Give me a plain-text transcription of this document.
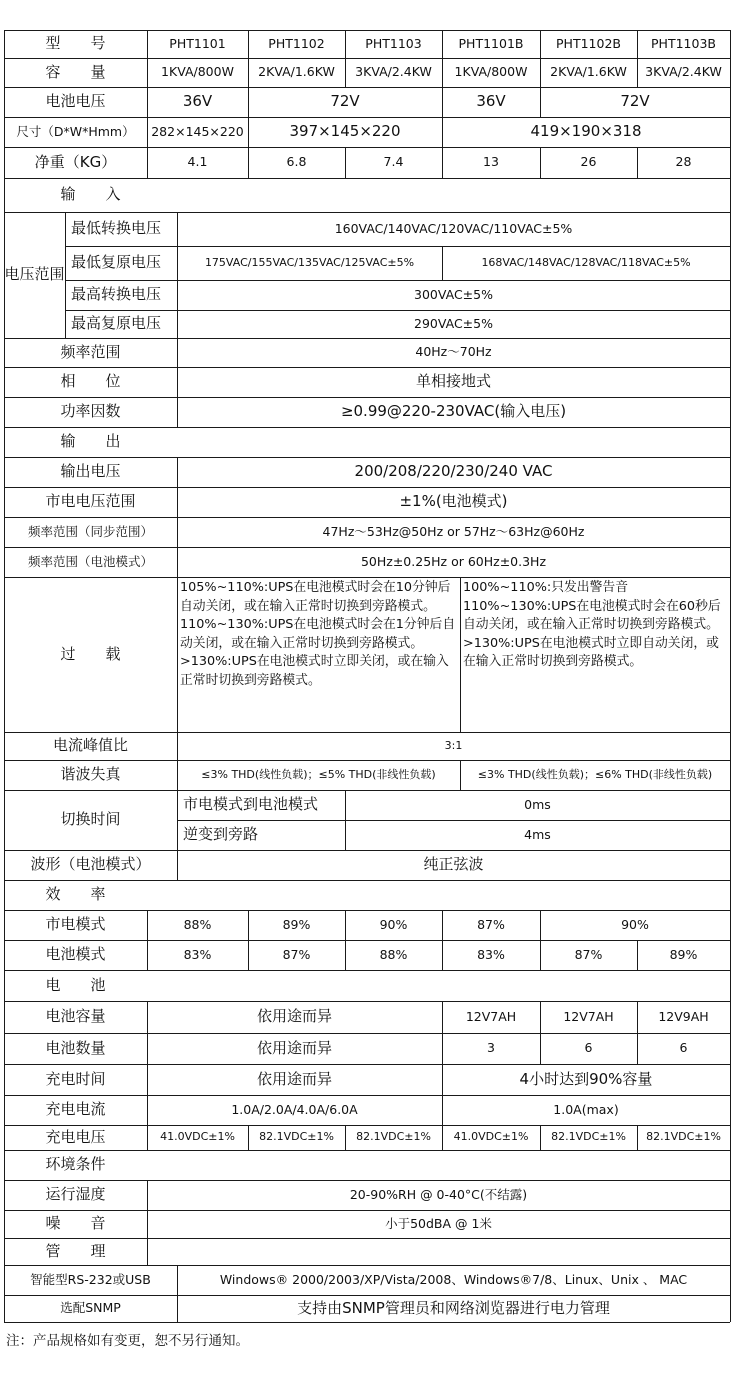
型　　号	PHT1101	PHT1102	PHT1103	PHT1101B	PHT1102B	PHT1103B
容　　量	1KVA/800W	2KVA/1.6KW	3KVA/2.4KW	1KVA/800W	2KVA/1.6KW	3KVA/2.4KW
电池电压	36V	72V	36V	72V
尺寸（D*W*Hmm）	282×145×220	397×145×220	419×190×318
净重（KG）	4.1	6.8	7.4	13	26	28
输　　入
电压范围
最低转换电压	160VAC/140VAC/120VAC/110VAC±5%
最低复原电压	175VAC/155VAC/135VAC/125VAC±5%	168VAC/148VAC/128VAC/118VAC±5%
最高转换电压	300VAC±5%
最高复原电压	290VAC±5%
频率范围	40Hz～70Hz
相　　位	单相接地式
功率因数	≥0.99@220-230VAC(输入电压)
输　　出
输出电压	200/208/220/230/240 VAC
市电电压范围	±1%(电池模式)
频率范围（同步范围）	47Hz～53Hz@50Hz or 57Hz～63Hz@60Hz
频率范围（电池模式）	50Hz±0.25Hz or 60Hz±0.3Hz
过　　载
105%~110%:UPS在电池模式时会在10分钟后自动关闭，或在输入正常时切换到旁路模式。110%~130%:UPS在电池模式时会在1分钟后自动关闭，或在输入正常时切换到旁路模式。>130%:UPS在电池模式时立即关闭，或在输入正常时切换到旁路模式。
100%~110%:只发出警告音 110%~130%:UPS在电池模式时会在60秒后自动关闭，或在输入正常时切换到旁路模式。>130%:UPS在电池模式时立即自动关闭，或在输入正常时切换到旁路模式。
电流峰值比	3:1
谐波失真	≤3% THD(线性负载)；≤5% THD(非线性负载)	≤3% THD(线性负载)；≤6% THD(非线性负载)
切换时间
市电模式到电池模式	0ms
逆变到旁路	4ms
波形（电池模式）	纯正弦波
效　　率
市电模式	88%	89%	90%	87%	90%
电池模式	83%	87%	88%	83%	87%	89%
电　　池
电池容量	依用途而异	12V7AH	12V7AH	12V9AH
电池数量	依用途而异	3	6	6
充电时间	依用途而异	4小时达到90%容量
充电电流	1.0A/2.0A/4.0A/6.0A	1.0A(max)
充电电压	41.0VDC±1%	82.1VDC±1%	82.1VDC±1%	41.0VDC±1%	82.1VDC±1%	82.1VDC±1%
环境条件
运行湿度	20-90%RH @ 0-40°C(不结露)
噪　　音	小于50dBA @ 1米
管　　理
智能型RS-232或USB	Windows® 2000/2003/XP/Vista/2008、Windows®7/8、Linux、Unix 、 MAC
选配SNMP	支持由SNMP管理员和网络浏览器进行电力管理
注：产品规格如有变更，恕不另行通知。
